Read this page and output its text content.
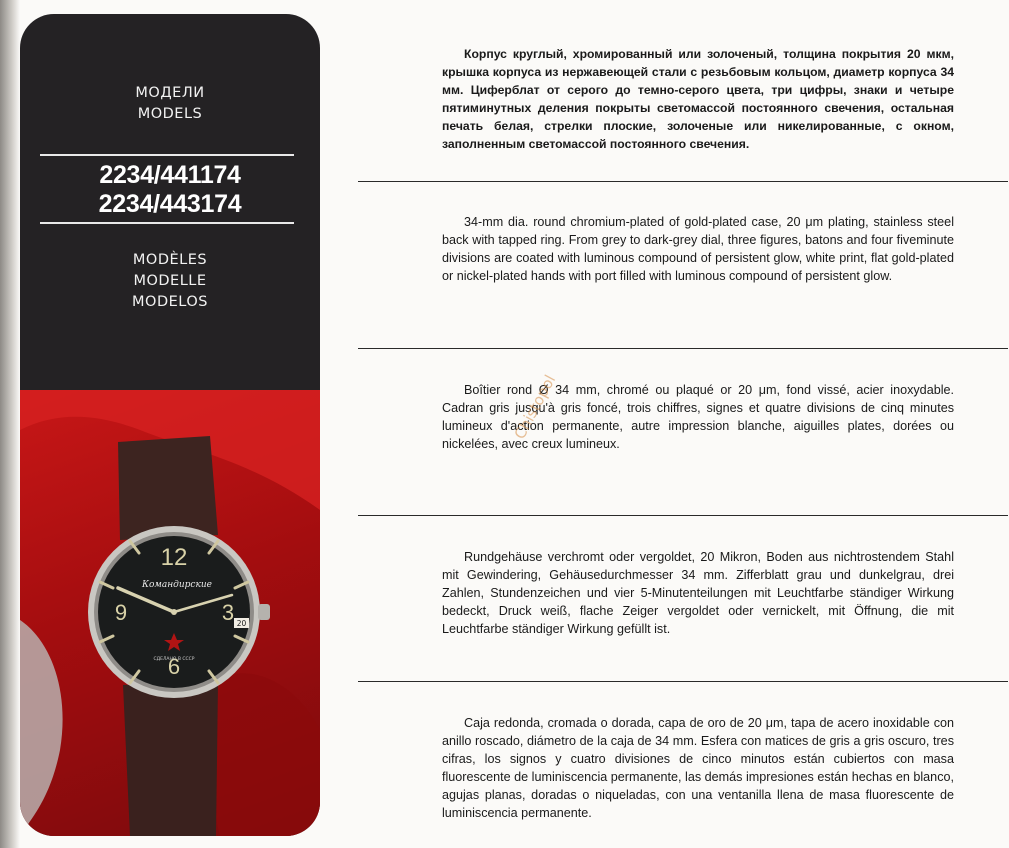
МОДЕЛИ
MODELS
2234/441174
2234/443174
MODÈLES
MODELLE
MODELOS
12
9	3
6
Командирские
СДЕЛАНО В СССР
20
Корпус круглый, хромированный или золоченый, толщина покрытия 20 мкм, крышка корпуса из нержавеющей стали с резьбовым кольцом, диаметр корпуса 34 мм. Циферблат от серого до темно-серого цвета, три цифры, знаки и четыре пятиминутных деления покрыты светомассой постоянного свечения, остальная печать белая, стрелки плоские, золоченые или никелированные, с окном, заполненным светомассой постоянного свечения.
34-mm dia. round chromium-plated of gold-plated case, 20 μm plating, stainless steel back with tapped ring. From grey to dark-grey dial, three figures, batons and four fiveminute divisions are coated with luminous compound of persistent glow, white print, flat gold-plated or nickel-plated hands with port filled with luminous compound of persistent glow.
Boîtier rond Ø 34 mm, chromé ou plaqué or 20 μm, fond vissé, acier inoxydable. Cadran gris jusqu'à gris foncé, trois chiffres, signes et quatre divisions de cinq minutes lumineux d'action permanente, autre impression blanche, aiguilles plates, dorées ou nickelées, avec creux lumineux.
Rundgehäuse verchromt oder vergoldet, 20 Mikron, Boden aus nichtrostendem Stahl mit Gewindering, Gehäusedurchmesser 34 mm. Zifferblatt grau und dunkelgrau, drei Zahlen, Stundenzeichen und vier 5-Minutenteilungen mit Leuchtfarbe ständiger Wirkung bedeckt, Druck weiß, flache Zeiger vergoldet oder vernickelt, mit Öffnung, die mit Leuchtfarbe ständiger Wirkung gefüllt ist.
Caja redonda, cromada o dorada, capa de oro de 20 μm, tapa de acero inoxidable con anillo roscado, diámetro de la caja de 34 mm. Esfera con matices de gris a gris oscuro, tres cifras, los signos y cuatro divisiones de cinco minutos están cubiertos con masa fluorescente de luminiscencia permanente, las demás impresiones están hechas en blanco, agujas planas, doradas o niqueladas, con una ventanilla llena de masa fluorescente de luminiscencia permanente.
Chistopol
